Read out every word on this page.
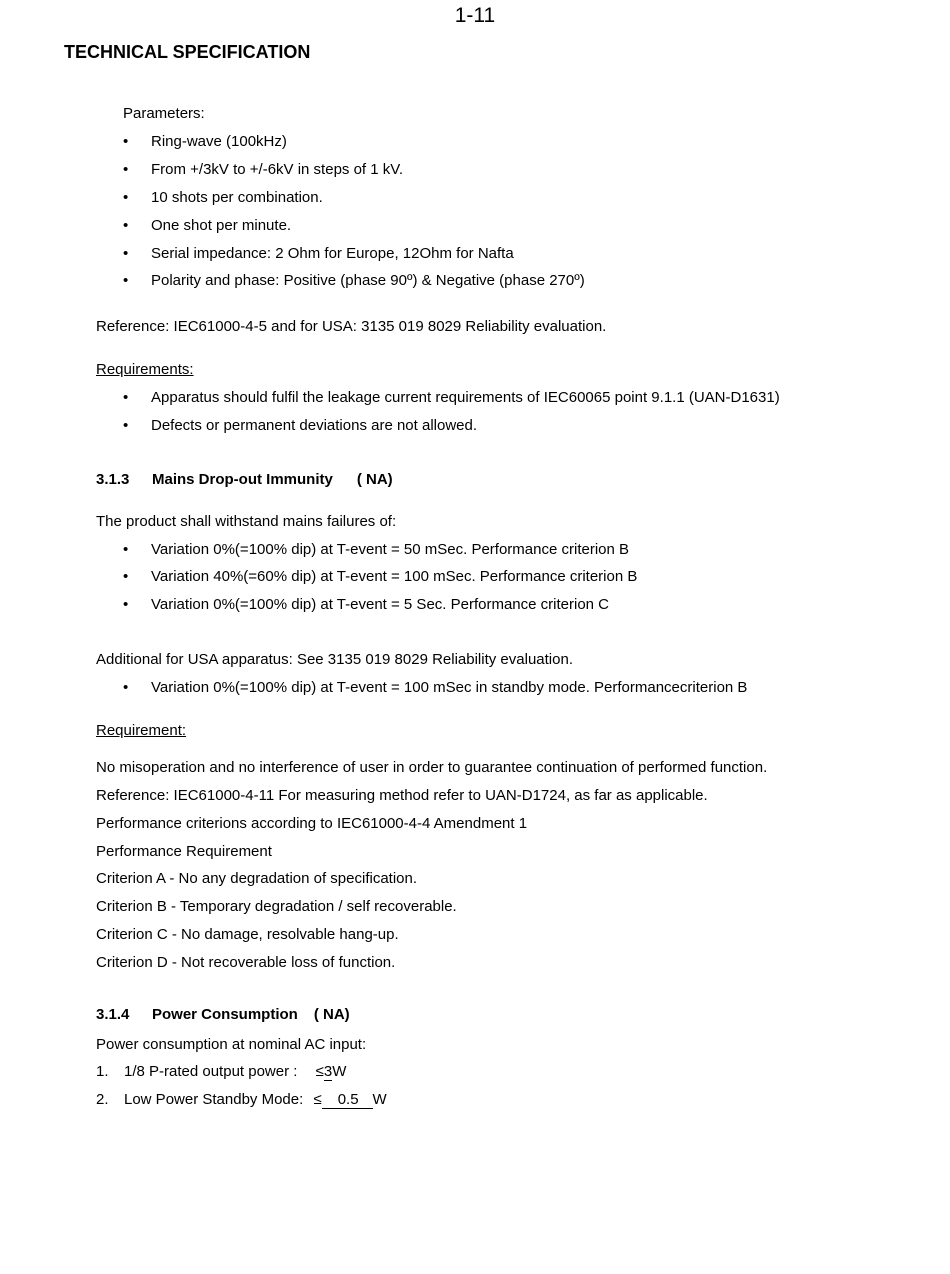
1-11
TECHNICAL SPECIFICATION
Parameters:
• Ring-wave (100kHz)
• From +/3kV to +/-6kV in steps of 1 kV.
• 10 shots per combination.
• One shot per minute.
• Serial impedance: 2 Ohm for Europe, 12Ohm for Nafta
• Polarity and phase: Positive (phase 90º) & Negative (phase 270º)
Reference: IEC61000-4-5 and for USA: 3135 019 8029 Reliability evaluation.
Requirements:
• Apparatus should fulfil the leakage current requirements of IEC60065 point 9.1.1 (UAN-D1631)
• Defects or permanent deviations are not allowed.
3.1.3 Mains Drop-out Immunity ( NA)
The product shall withstand mains failures of:
• Variation 0%(=100% dip) at T-event = 50 mSec. Performance criterion B
• Variation 40%(=60% dip) at T-event = 100 mSec. Performance criterion B
• Variation 0%(=100% dip) at T-event = 5 Sec. Performance criterion C
Additional for USA apparatus: See 3135 019 8029 Reliability evaluation.
• Variation 0%(=100% dip) at T-event = 100 mSec in standby mode. Performancecriterion B
Requirement:
No misoperation and no interference of user in order to guarantee continuation of performed function.
Reference: IEC61000-4-11 For measuring method refer to UAN-D1724, as far as applicable.
Performance criterions according to IEC61000-4-4 Amendment 1
Performance Requirement
Criterion A - No any degradation of specification.
Criterion B - Temporary degradation / self recoverable.
Criterion C - No damage, resolvable hang-up.
Criterion D - Not recoverable loss of function.
3.1.4 Power Consumption ( NA)
Power consumption at nominal AC input:
1. 1/8 P-rated output power : ≤3W
2. Low Power Standby Mode: ≤ 0.5 W
